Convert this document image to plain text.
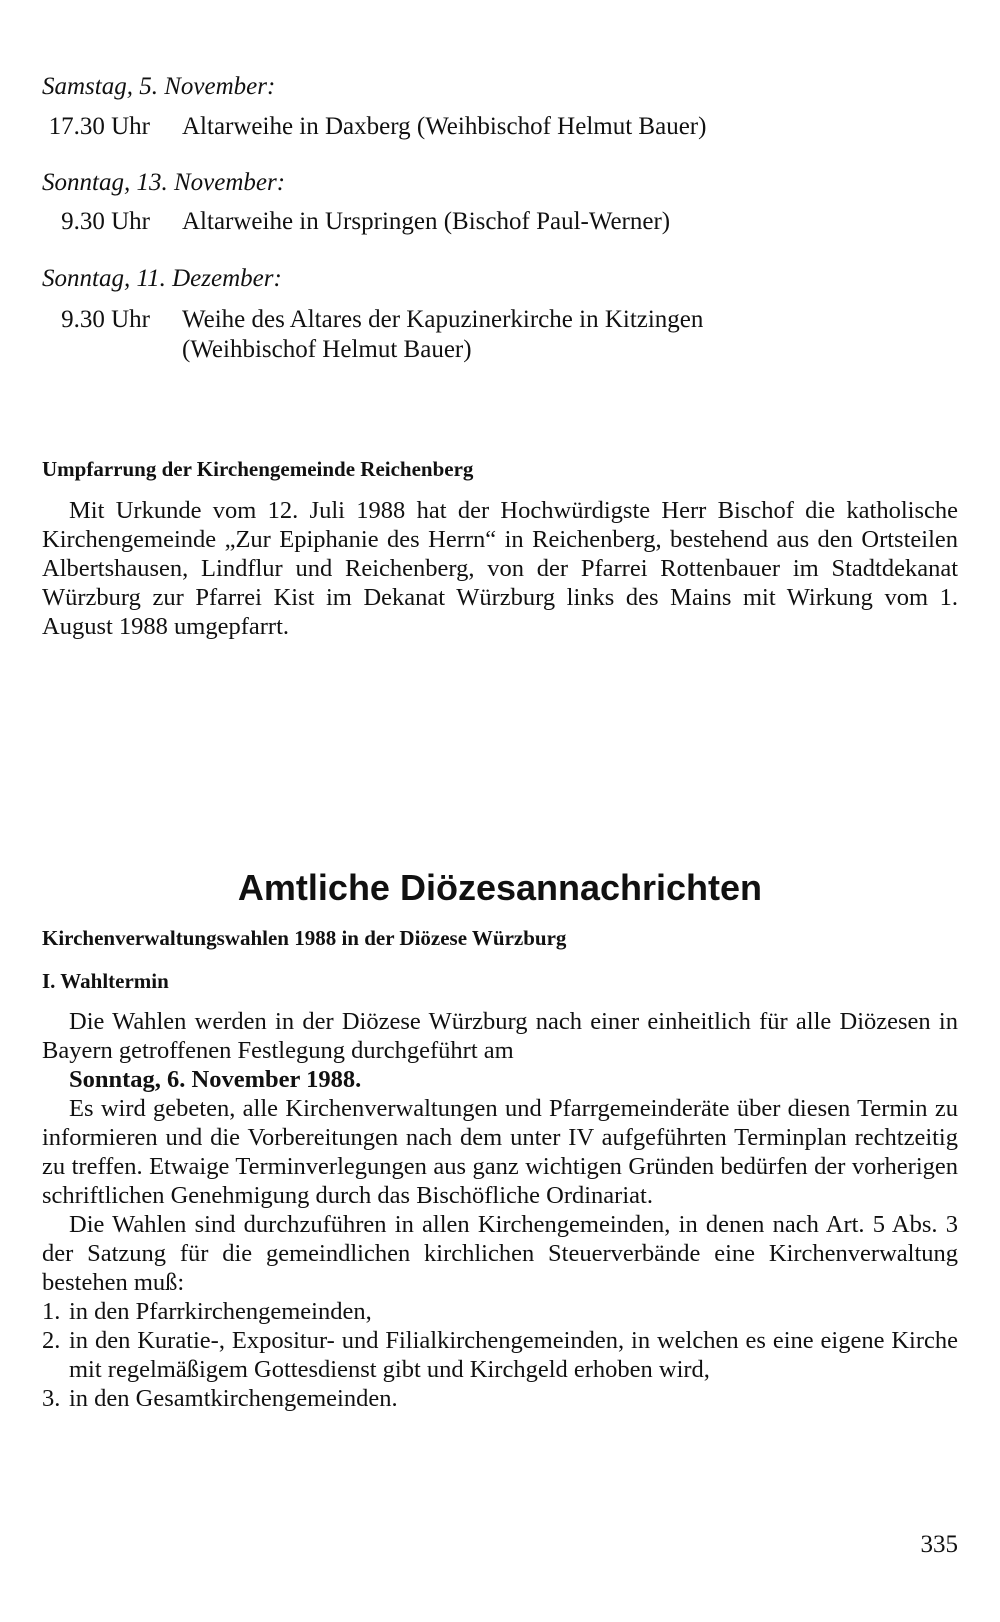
Samstag, 5. November:
17.30 Uhr Altarweihe in Daxberg (Weihbischof Helmut Bauer)
Sonntag, 13. November:
9.30 Uhr Altarweihe in Urspringen (Bischof Paul-Werner)
Sonntag, 11. Dezember:
9.30 Uhr Weihe des Altares der Kapuzinerkirche in Kitzingen
(Weihbischof Helmut Bauer)
Umpfarrung der Kirchengemeinde Reichenberg

Mit Urkunde vom 12. Juli 1988 hat der Hochwürdigste Herr Bischof die katholische Kirchengemeinde „Zur Epiphanie des Herrn“ in Reichenberg, bestehend aus den Ortsteilen Albertshausen, Lindflur und Reichenberg, von der Pfarrei Rottenbauer im Stadtdekanat Würzburg zur Pfarrei Kist im Dekanat Würzburg links des Mains mit Wirkung vom 1. August 1988 umgepfarrt.

Amtliche Diözesannachrichten
Kirchenverwaltungswahlen 1988 in der Diözese Würzburg
I. Wahltermin

Die Wahlen werden in der Diözese Würzburg nach einer einheitlich für alle Diözesen in Bayern getroffenen Festlegung durchgeführt am

Sonntag, 6. November 1988.

Es wird gebeten, alle Kirchenverwaltungen und Pfarrgemeinderäte über diesen Termin zu informieren und die Vorbereitungen nach dem unter IV aufgeführten Terminplan rechtzeitig zu treffen. Etwaige Terminverlegungen aus ganz wichtigen Gründen bedürfen der vorherigen schriftlichen Genehmigung durch das Bischöfliche Ordinariat.

Die Wahlen sind durchzuführen in allen Kirchengemeinden, in denen nach Art. 5 Abs. 3 der Satzung für die gemeindlichen kirchlichen Steuerverbände eine Kirchenverwaltung bestehen muß:

1. in den Pfarrkirchengemeinden,
2. in den Kuratie-, Expositur- und Filialkirchengemeinden, in welchen es eine eigene Kirche mit regelmäßigem Gottesdienst gibt und Kirchgeld erhoben wird,
3. in den Gesamtkirchengemeinden.
335
